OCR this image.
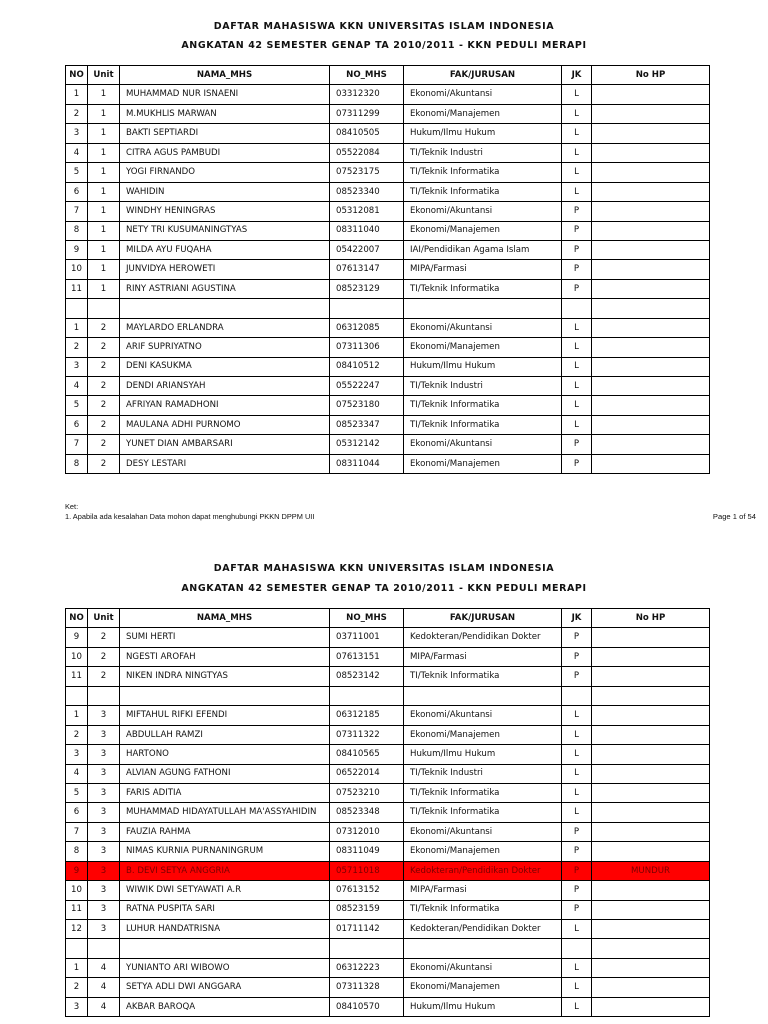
DAFTAR MAHASISWA KKN UNIVERSITAS ISLAM INDONESIA
ANGKATAN 42 SEMESTER GENAP TA 2010/2011 - KKN PEDULI MERAPI
NO	Unit	NAMA_MHS	NO_MHS	FAK/JURUSAN	JK	No HP
1	1	MUHAMMAD NUR ISNAENI	03312320	Ekonomi/Akuntansi	L	
2	1	M.MUKHLIS MARWAN	07311299	Ekonomi/Manajemen	L	
3	1	BAKTI SEPTIARDI	08410505	Hukum/Ilmu Hukum	L	
4	1	CITRA AGUS PAMBUDI	05522084	TI/Teknik Industri	L	
5	1	YOGI FIRNANDO	07523175	TI/Teknik Informatika	L	
6	1	WAHIDIN	08523340	TI/Teknik Informatika	L	
7	1	WINDHY HENINGRAS	05312081	Ekonomi/Akuntansi	P	
8	1	NETY TRI KUSUMANINGTYAS	08311040	Ekonomi/Manajemen	P	
9	1	MILDA AYU FUQAHA	05422007	IAI/Pendidikan Agama Islam	P	
10	1	JUNVIDYA HEROWETI	07613147	MIPA/Farmasi	P	
11	1	RINY ASTRIANI AGUSTINA	08523129	TI/Teknik Informatika	P	

1	2	MAYLARDO ERLANDRA	06312085	Ekonomi/Akuntansi	L	
2	2	ARIF SUPRIYATNO	07311306	Ekonomi/Manajemen	L	
3	2	DENI KASUKMA	08410512	Hukum/Ilmu Hukum	L	
4	2	DENDI ARIANSYAH	05522247	TI/Teknik Industri	L	
5	2	AFRIYAN RAMADHONI	07523180	TI/Teknik Informatika	L	
6	2	MAULANA ADHI PURNOMO	08523347	TI/Teknik Informatika	L	
7	2	YUNET DIAN AMBARSARI	05312142	Ekonomi/Akuntansi	P	
8	2	DESY LESTARI	08311044	Ekonomi/Manajemen	P	
Ket:
1. Apabila ada kesalahan Data mohon dapat menghubungi PKKN DPPM UII	Page 1 of 54
DAFTAR MAHASISWA KKN UNIVERSITAS ISLAM INDONESIA
ANGKATAN 42 SEMESTER GENAP TA 2010/2011 - KKN PEDULI MERAPI
NO	Unit	NAMA_MHS	NO_MHS	FAK/JURUSAN	JK	No HP
9	2	SUMI HERTI	03711001	Kedokteran/Pendidikan Dokter	P	
10	2	NGESTI AROFAH	07613151	MIPA/Farmasi	P	
11	2	NIKEN INDRA NINGTYAS	08523142	TI/Teknik Informatika	P	

1	3	MIFTAHUL RIFKI EFENDI	06312185	Ekonomi/Akuntansi	L	
2	3	ABDULLAH RAMZI	07311322	Ekonomi/Manajemen	L	
3	3	HARTONO	08410565	Hukum/Ilmu Hukum	L	
4	3	ALVIAN AGUNG FATHONI	06522014	TI/Teknik Industri	L	
5	3	FARIS ADITIA	07523210	TI/Teknik Informatika	L	
6	3	MUHAMMAD HIDAYATULLAH MA'ASSYAHIDIN	08523348	TI/Teknik Informatika	L	
7	3	FAUZIA RAHMA	07312010	Ekonomi/Akuntansi	P	
8	3	NIMAS KURNIA PURNANINGRUM	08311049	Ekonomi/Manajemen	P	
9	3	B. DEVI SETYA ANGGRIA	05711018	Kedokteran/Pendidikan Dokter	P	MUNDUR
10	3	WIWIK DWI SETYAWATI A.R	07613152	MIPA/Farmasi	P	
11	3	RATNA PUSPITA SARI	08523159	TI/Teknik Informatika	P	
12	3	LUHUR HANDATRISNA	01711142	Kedokteran/Pendidikan Dokter	L	

1	4	YUNIANTO ARI WIBOWO	06312223	Ekonomi/Akuntansi	L	
2	4	SETYA ADLI DWI ANGGARA	07311328	Ekonomi/Manajemen	L	
3	4	AKBAR BAROQA	08410570	Hukum/Ilmu Hukum	L	
